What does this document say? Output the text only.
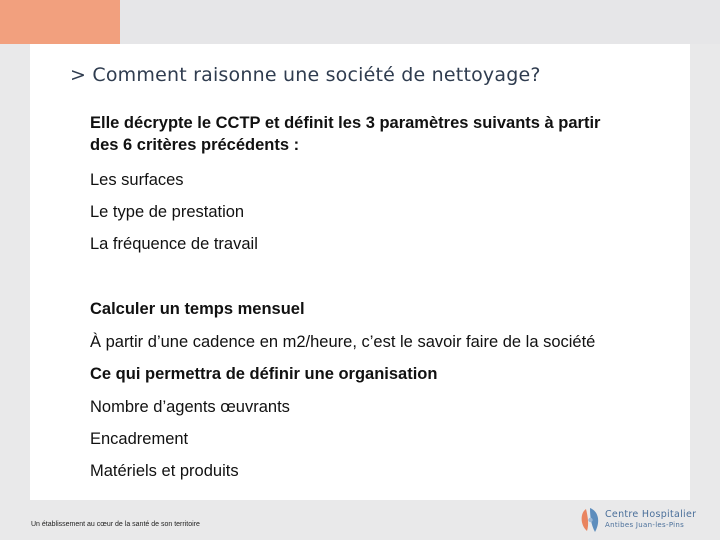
> Comment raisonne une société de nettoyage?
Elle décrypte le CCTP et définit les 3 paramètres suivants à partir
des 6 critères précédents :
Les surfaces
Le type de prestation
La fréquence de travail
Calculer un temps mensuel
À partir d’une cadence en m2/heure, c’est le savoir faire de la société
Ce qui permettra de définir une organisation
Nombre d’agents œuvrants
Encadrement
Matériels et produits
Un établissement au cœur de la santé de son territoire
Centre Hospitalier
Antibes Juan-les-Pins
